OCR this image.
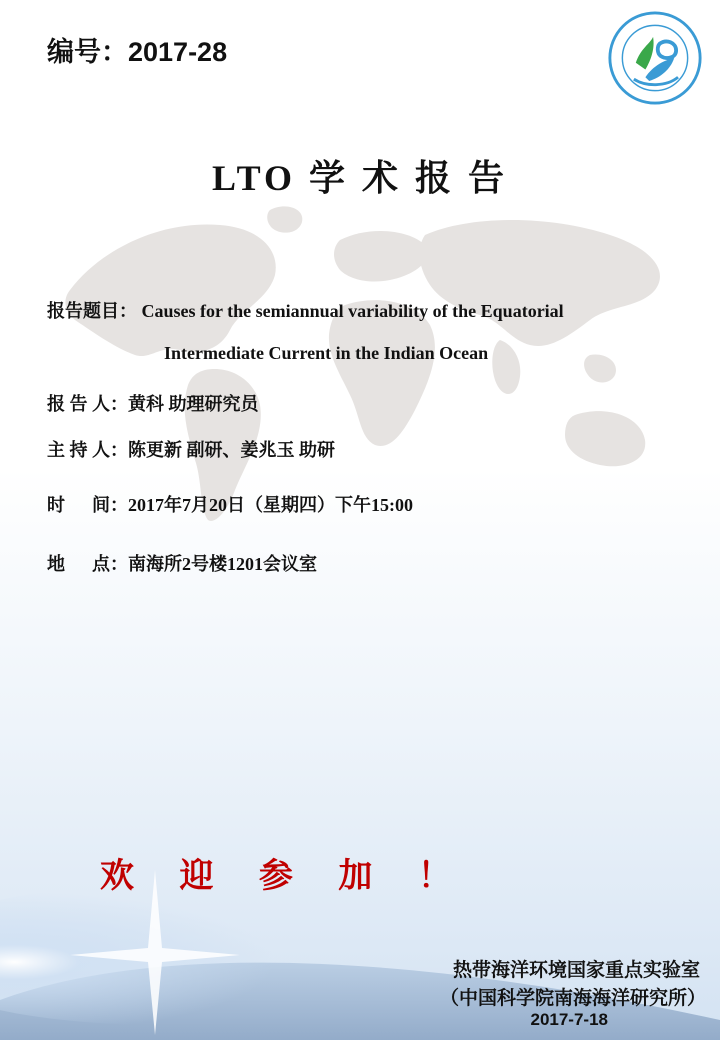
编号：2017-28
LTO 学 术 报 告
报告题目： Causes for the semiannual variability of the Equatorial
Intermediate Current in the Indian Ocean
报 告 人：黄科 助理研究员
主 持 人：陈更新 副研、姜兆玉 助研
时      间：2017年7月20日（星期四）下午15:00
地      点：南海所2号楼1201会议室
欢 迎 参 加 ！
热带海洋环境国家重点实验室
（中国科学院南海海洋研究所）
2017-7-18
